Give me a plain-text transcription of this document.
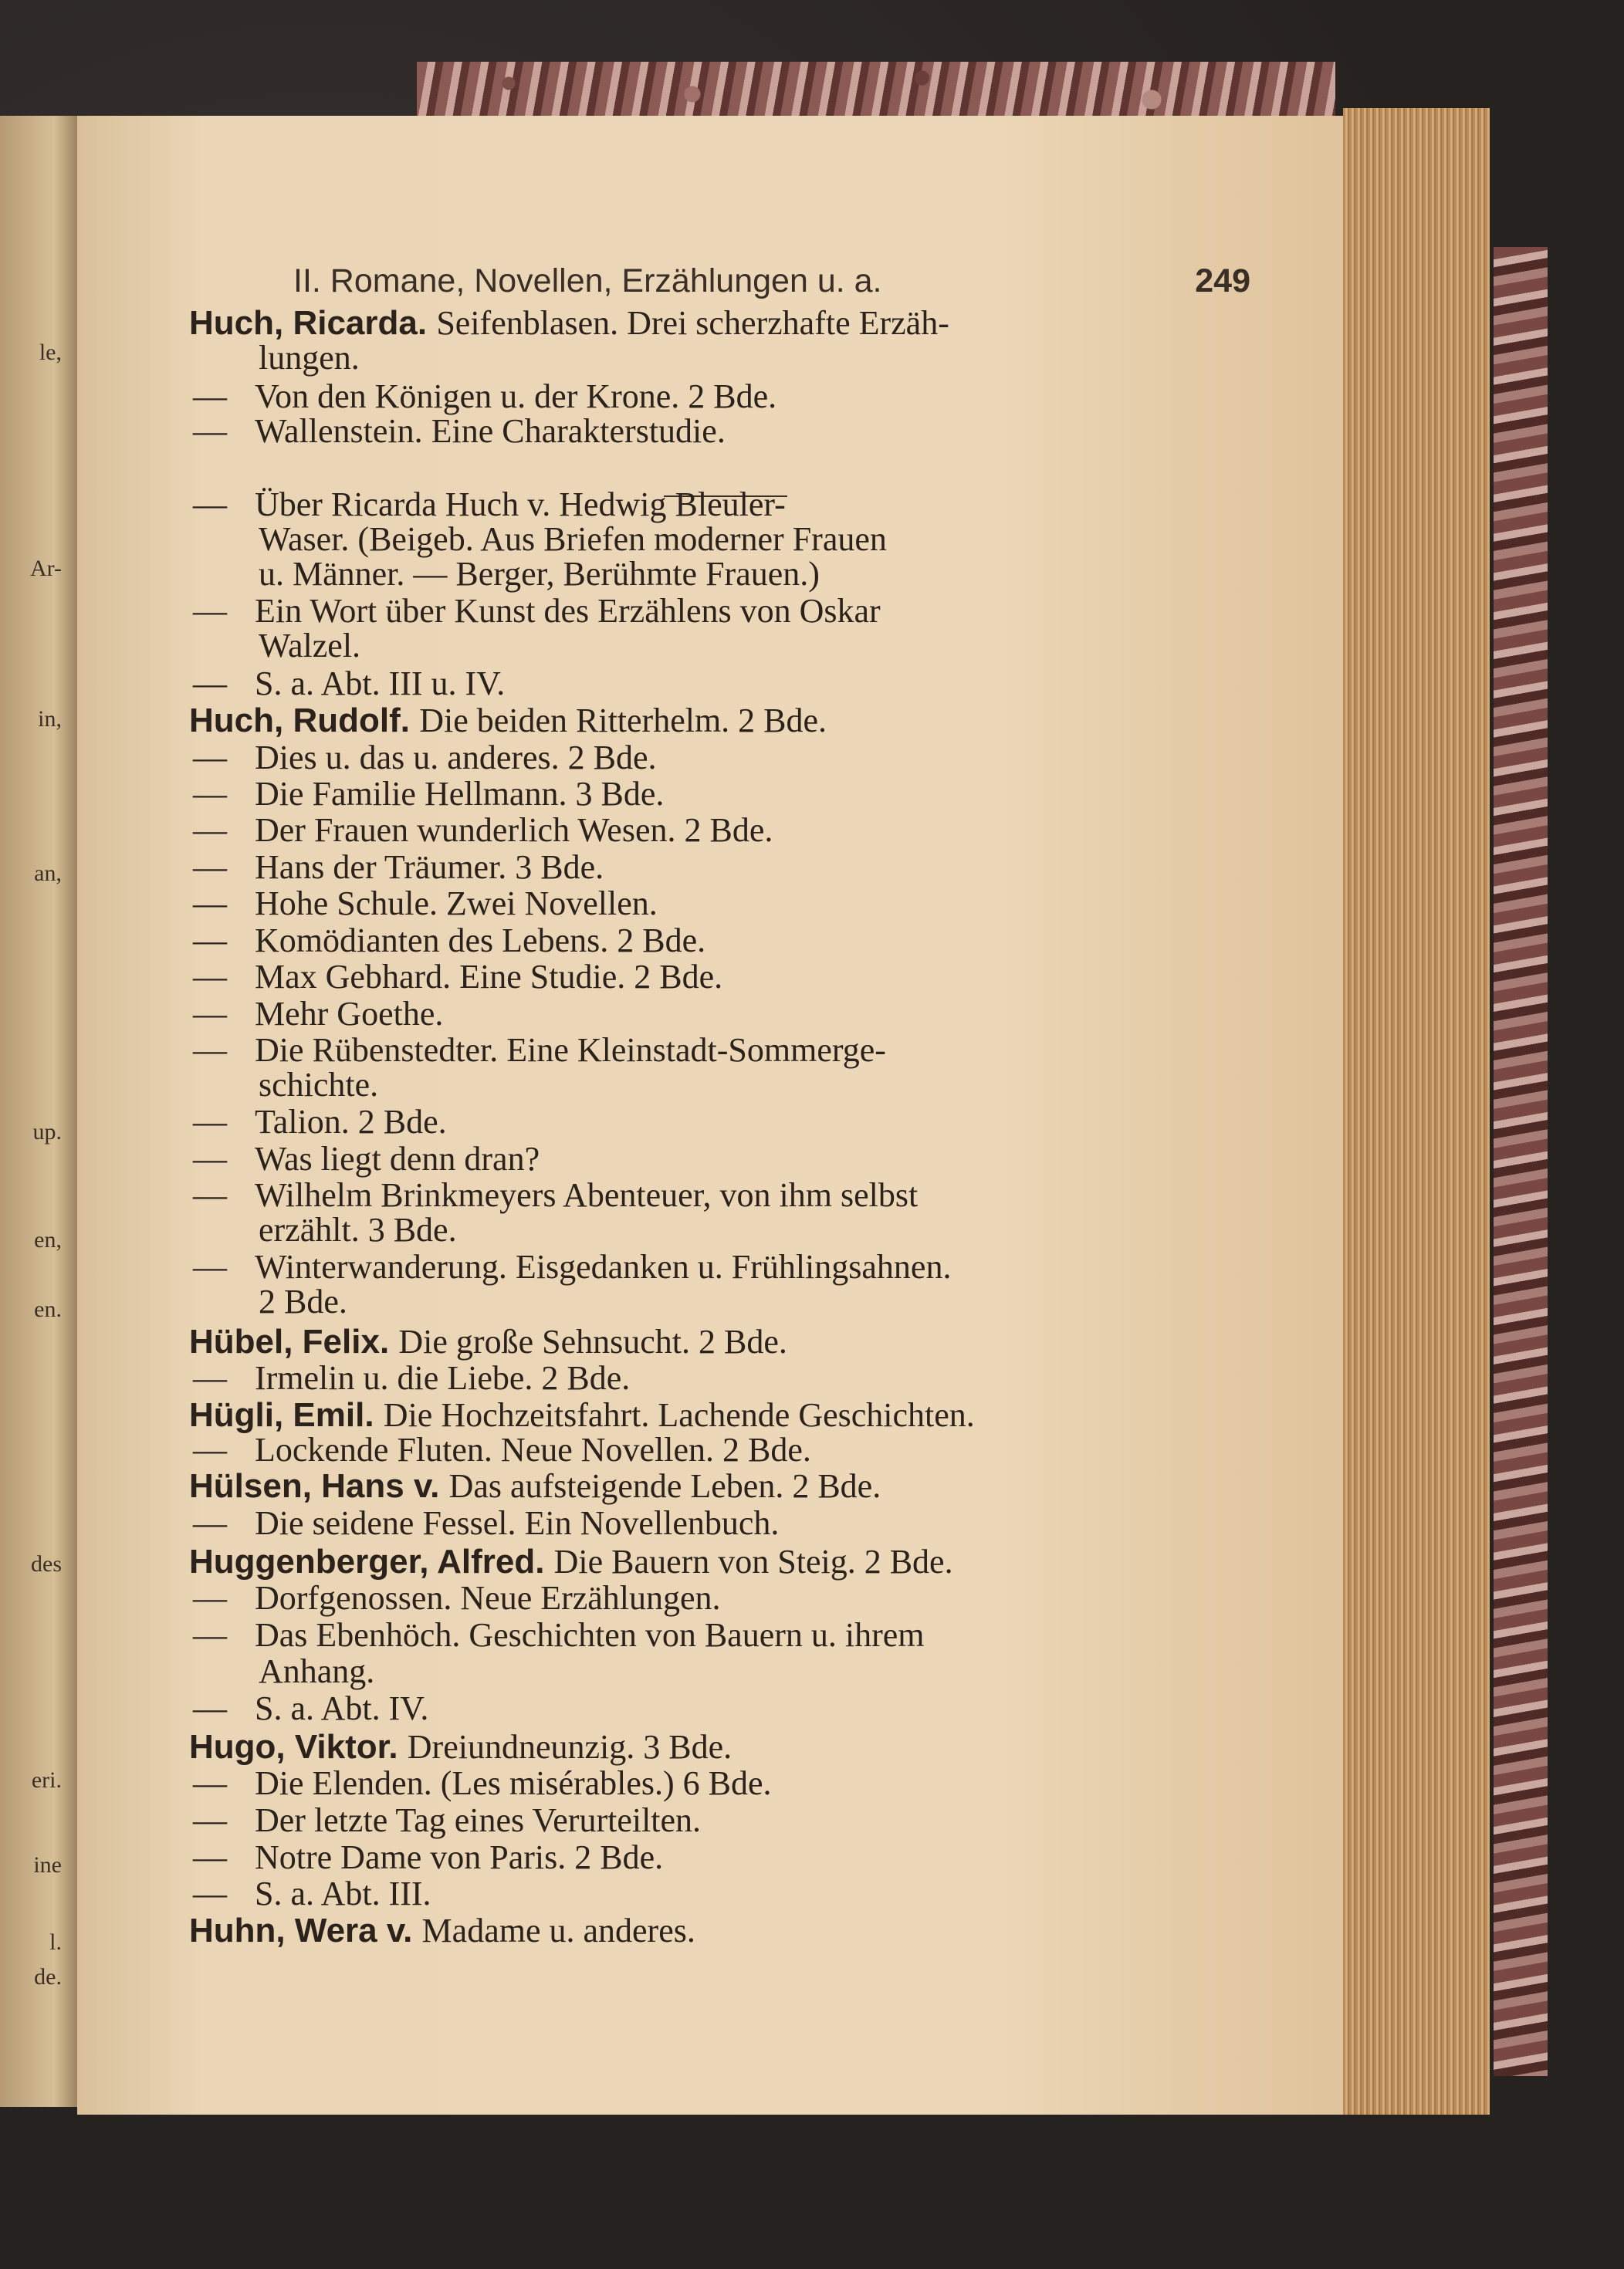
le,
Ar-
in,
an,
up.
en,
en.
des
eri.
ine
l.
de.
II. Romane, Novellen, Erzählungen u. a.	249
Huch, Ricarda. Seifenblasen. Drei scherzhafte Erzäh-
lungen.
— Von den Königen u. der Krone. 2 Bde.
— Wallenstein. Eine Charakterstudie.
— Über Ricarda Huch v. Hedwig Bleuler-
Waser. (Beigeb. Aus Briefen moderner Frauen
u. Männer. — Berger, Berühmte Frauen.)
— Ein Wort über Kunst des Erzählens von Oskar
Walzel.
— S. a. Abt. III u. IV.
Huch, Rudolf. Die beiden Ritterhelm. 2 Bde.
— Dies u. das u. anderes. 2 Bde.
— Die Familie Hellmann. 3 Bde.
— Der Frauen wunderlich Wesen. 2 Bde.
— Hans der Träumer. 3 Bde.
— Hohe Schule. Zwei Novellen.
— Komödianten des Lebens. 2 Bde.
— Max Gebhard. Eine Studie. 2 Bde.
— Mehr Goethe.
— Die Rübenstedter. Eine Kleinstadt-Sommerge-
schichte.
— Talion. 2 Bde.
— Was liegt denn dran?
— Wilhelm Brinkmeyers Abenteuer, von ihm selbst
erzählt. 3 Bde.
— Winterwanderung. Eisgedanken u. Frühlingsahnen.
2 Bde.
Hübel, Felix. Die große Sehnsucht. 2 Bde.
— Irmelin u. die Liebe. 2 Bde.
Hügli, Emil. Die Hochzeitsfahrt. Lachende Geschichten.
— Lockende Fluten. Neue Novellen. 2 Bde.
Hülsen, Hans v. Das aufsteigende Leben. 2 Bde.
— Die seidene Fessel. Ein Novellenbuch.
Huggenberger, Alfred. Die Bauern von Steig. 2 Bde.
— Dorfgenossen. Neue Erzählungen.
— Das Ebenhöch. Geschichten von Bauern u. ihrem
Anhang.
— S. a. Abt. IV.
Hugo, Viktor. Dreiundneunzig. 3 Bde.
— Die Elenden. (Les misérables.) 6 Bde.
— Der letzte Tag eines Verurteilten.
— Notre Dame von Paris. 2 Bde.
— S. a. Abt. III.
Huhn, Wera v. Madame u. anderes.
